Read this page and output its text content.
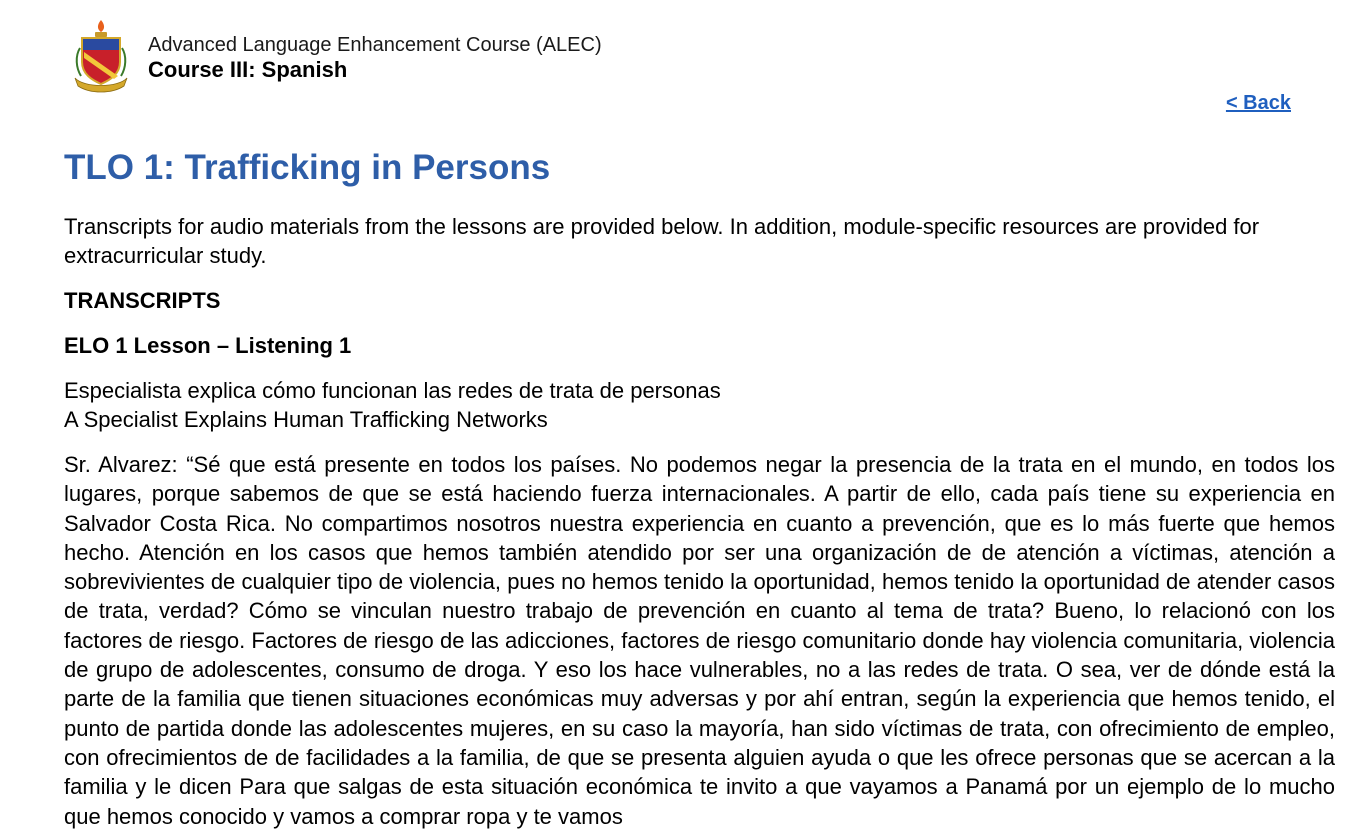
Advanced Language Enhancement Course (ALEC)
Course III: Spanish
< Back
TLO 1: Trafficking in Persons

Transcripts for audio materials from the lessons are provided below. In addition, module-specific resources are provided for extracurricular study.

TRANSCRIPTS
ELO 1 Lesson – Listening 1

Especialista explica cómo funcionan las redes de trata de personas
A Specialist Explains Human Trafficking Networks

Sr. Alvarez: “Sé que está presente en todos los países. No podemos negar la presencia de la trata en el mundo, en todos los lugares, porque sabemos de que se está haciendo fuerza internacionales. A partir de ello, cada país tiene su experiencia en Salvador Costa Rica. No compartimos nosotros nuestra experiencia en cuanto a prevención, que es lo más fuerte que hemos hecho. Atención en los casos que hemos también atendido por ser una organización de de atención a víctimas, atención a sobrevivientes de cualquier tipo de violencia, pues no hemos tenido la oportunidad, hemos tenido la oportunidad de atender casos de trata, verdad? Cómo se vinculan nuestro trabajo de prevención en cuanto al tema de trata? Bueno, lo relacionó con los factores de riesgo. Factores de riesgo de las adicciones, factores de riesgo comunitario donde hay violencia comunitaria, violencia de grupo de adolescentes, consumo de droga. Y eso los hace vulnerables, no a las redes de trata. O sea, ver de dónde está la parte de la familia que tienen situaciones económicas muy adversas y por ahí entran, según la experiencia que hemos tenido, el punto de partida donde las adolescentes mujeres, en su caso la mayoría, han sido víctimas de trata, con ofrecimiento de empleo, con ofrecimientos de de facilidades a la familia, de que se presenta alguien ayuda o que les ofrece personas que se acercan a la familia y le dicen Para que salgas de esta situación económica te invito a que vayamos a Panamá por un ejemplo de lo mucho que hemos conocido y vamos a comprar ropa y te vamos
